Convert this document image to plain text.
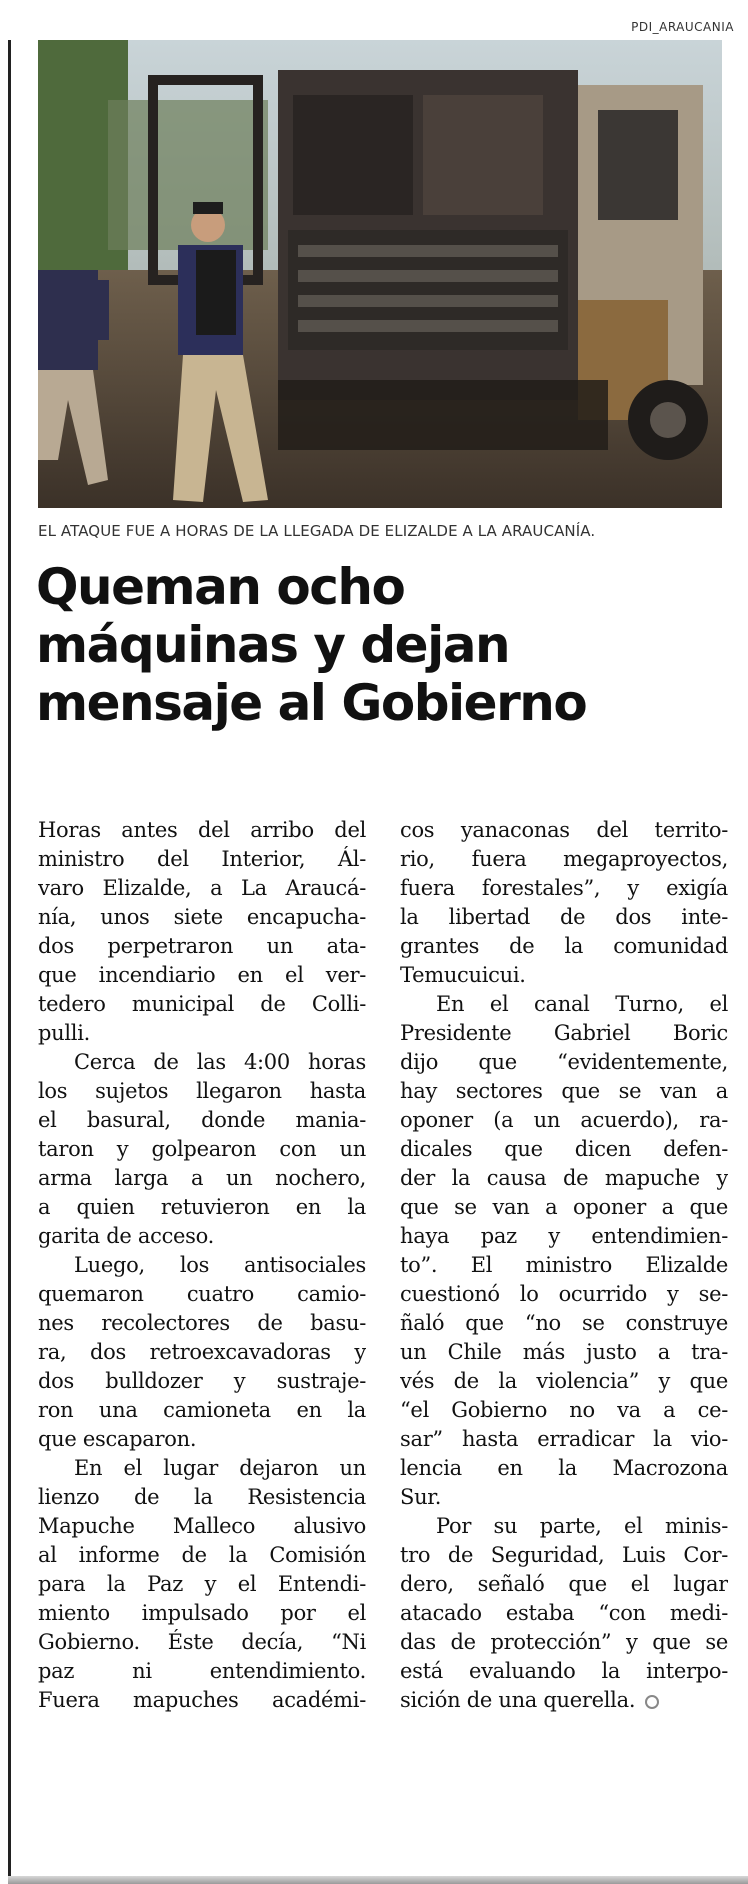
PDI_ARAUCANIA
EL ATAQUE FUE A HORAS DE LA LLEGADA DE ELIZALDE A LA ARAUCANÍA.
Queman ocho
máquinas y dejan
mensaje al Gobierno
Horas antes del arribo del
ministro del Interior, Ál-
varo Elizalde, a La Araucá-
nía, unos siete encapucha-
dos perpetraron un ata-
que incendiario en el ver-
tedero municipal de Colli-
pulli.
Cerca de las 4:00 horas
los sujetos llegaron hasta
el basural, donde mania-
taron y golpearon con un
arma larga a un nochero,
a quien retuvieron en la
garita de acceso.
Luego, los antisociales
quemaron cuatro camio-
nes recolectores de basu-
ra, dos retroexcavadoras y
dos bulldozer y sustraje-
ron una camioneta en la
que escaparon.
En el lugar dejaron un
lienzo de la Resistencia
Mapuche Malleco alusivo
al informe de la Comisión
para la Paz y el Entendi-
miento impulsado por el
Gobierno. Éste decía, “Ni
paz ni entendimiento.
Fuera mapuches académi-
cos yanaconas del territo-
rio, fuera megaproyectos,
fuera forestales”, y exigía
la libertad de dos inte-
grantes de la comunidad
Temucuicui.
En el canal Turno, el
Presidente Gabriel Boric
dijo que “evidentemente,
hay sectores que se van a
oponer (a un acuerdo), ra-
dicales que dicen defen-
der la causa de mapuche y
que se van a oponer a que
haya paz y entendimien-
to”. El ministro Elizalde
cuestionó lo ocurrido y se-
ñaló que “no se construye
un Chile más justo a tra-
vés de la violencia” y que
“el Gobierno no va a ce-
sar” hasta erradicar la vio-
lencia en la Macrozona
Sur.
Por su parte, el minis-
tro de Seguridad, Luis Cor-
dero, señaló que el lugar
atacado estaba “con medi-
das de protección” y que se
está evaluando la interpo-
sición de una querella.
